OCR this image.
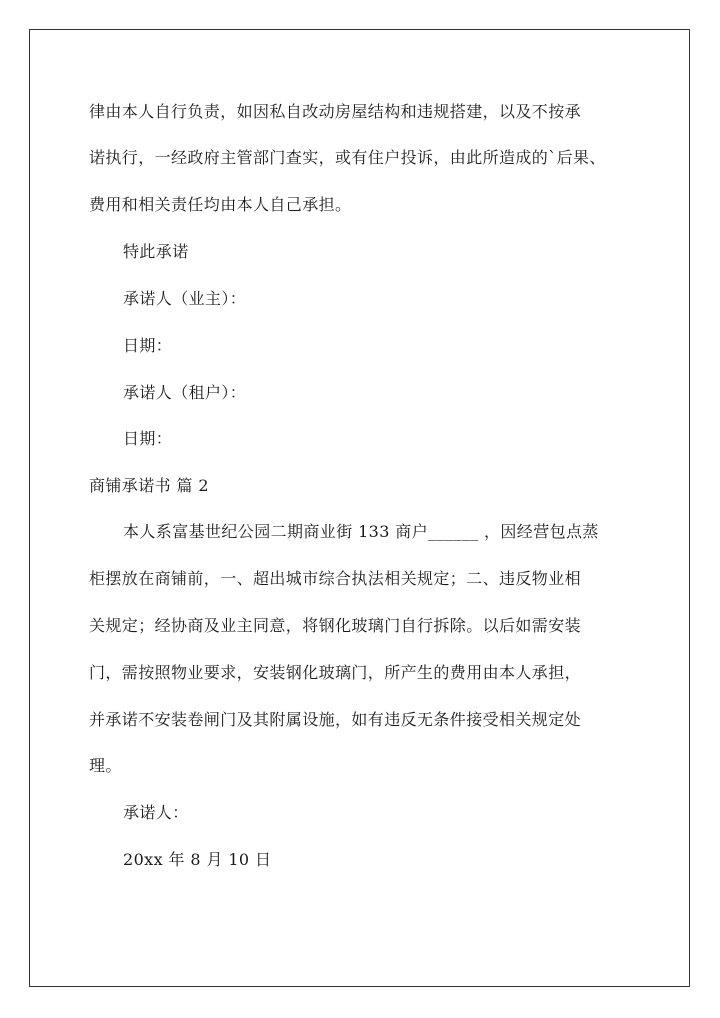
律由本人自行负责，如因私自改动房屋结构和违规搭建，以及不按承
诺执行，一经政府主管部门查实，或有住户投诉，由此所造成的`后果、
费用和相关责任均由本人自己承担。
特此承诺
承诺人（业主）：
日期：
承诺人（租户）：
日期：
商铺承诺书 篇 2
本人系富基世纪公园二期商业街 133 商户______ ，因经营包点蒸
柜摆放在商铺前，一、超出城市综合执法相关规定；二、违反物业相
关规定；经协商及业主同意，将钢化玻璃门自行拆除。以后如需安装
门，需按照物业要求，安装钢化玻璃门，所产生的费用由本人承担，
并承诺不安装卷闸门及其附属设施，如有违反无条件接受相关规定处
理。
承诺人：
20xx 年 8 月 10 日
